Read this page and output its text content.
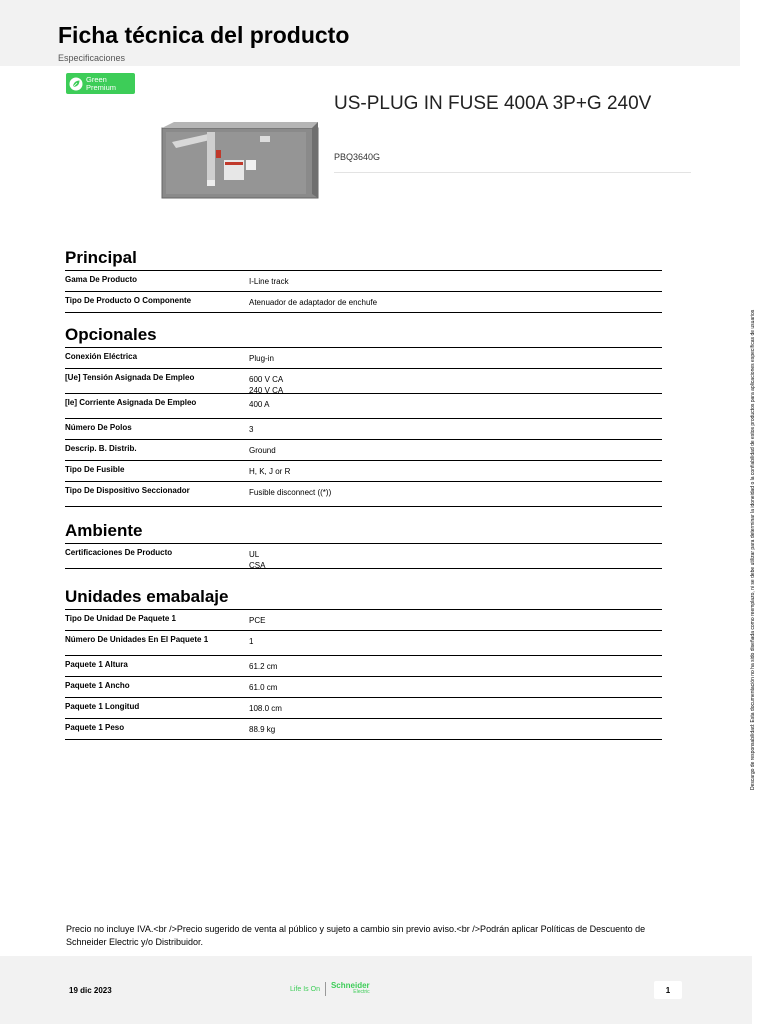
Ficha técnica del producto
Especificaciones
Green
Premium
US-PLUG IN FUSE 400A 3P+G 240V
PBQ3640G
Principal
Gama De Producto	I-Line track
Tipo De Producto O Componente	Atenuador de adaptador de enchufe
Opcionales
Conexión Eléctrica	Plug-in
[Ue] Tensión Asignada De Empleo	600 V CA
240 V CA
[Ie] Corriente Asignada De Empleo	400 A
Número De Polos	3
Descrip. B. Distrib.	Ground
Tipo De Fusible	H, K, J or R
Tipo De Dispositivo Seccionador	Fusible disconnect ((*))
Ambiente
Certificaciones De Producto	UL
CSA
Unidades emabalaje
Tipo De Unidad De Paquete 1	PCE
Número De Unidades En El Paquete 1	1
Paquete 1 Altura	61.2 cm
Paquete 1 Ancho	61.0 cm
Paquete 1 Longitud	108.0 cm
Paquete 1 Peso	88.9 kg
Precio no incluye IVA.<br />Precio sugerido de venta al público y sujeto a cambio sin previo aviso.<br />Podrán aplicar Políticas de Descuento de Schneider Electric y/o Distribuidor.
19 dic 2023	Life Is On Schneider
Electric	1
Descargo de responsabilidad: Esta documentación no ha sido diseñada como reemplazo, ni se debe utilizar para determinar la idoneidad o la confiabilidad de estos productos para aplicaciones específicas de usuarios
